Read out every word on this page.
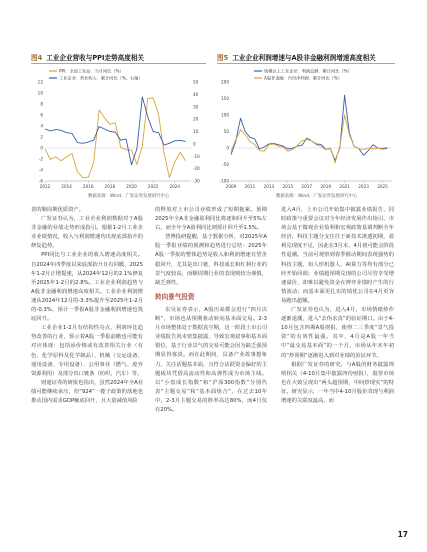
图4 工业企业营收与PPI走势高度相关
-6
-4
-2
0
2
4
6
8
10
12
-30
-20
-10
0
10
20
30
40
50
2012	2014	2016	2018	2020	2022	2024
PPI：全部工业品：当月同比（%）
工业企业：营业收入：累计同比（%，右轴）
数据来源：Wind，广发证券发展研究中心
图5 工业企业利润增速与A股非金融利润增速高度相关
-100
-50
0
50
100
150
200
2009 2011 2013 2015 2017 2019 2021 2023 2025
规模以上工业企业：利润总额：累计同比（%）
A股非金融：归母净利润：累计同比（%）
数据来源：Wind，广发证券发展研究中心

善的顺周期优质资产。

广发证券认为，工业企业利润数据对于A股非金融的业绩走势形成指引。根据1-2月工业企业业绩情况，收入与利润增速均出现底部抬升的修复趋势。

PPI同比与工业企业的收入增速高度相关。自2024年四季度以来底部抬升且有回暖，2025年1-2月正增提速，从2024年12月的2.1%修复至2025年1-2月的2.8%。工业企业利润趋势与A股非金融利润增速高度相关。工业企业利润增速从2024年12月的-3.3%提升至2025年1-2月的-0.3%，预计一季报A股非金融利润增速也筑底回升。

工业企业1-2月有结构性亮点，利润环比趋势改善的行业，预示着A股一季报前瞻也可能有对应体现：包括添价格或有改善相关行业（有色、化学原料及化学制品）、机械（交运设备、通用设备、专用设备）、公用事业（燃气、废弃资源利用）及部分出口链条（纺织、汽车）等。

财通证券的研报也指出，虽然2024年全A业绩可能继续承压，但“924”一揽子政策的落地也推动国内需求GDP触底回升，且大量减值风险

的释放对上市公司业绩形成了短期拖累。预期2025年全A非金融盈利同比将逐和回升至5%左右，而全年全A盈利同比则预计回升至1.5%。

慧博投研提醒，基于数据分析，对2025年A股一季报业绩的预测和趋势进行总结：2025年A股一季报的整体趋势是收入和利润增速有望企稳回升，尤其是出口链、科技成长和红利行业的景气度较高，而顺周期行业的表现则较为谨慎，缺乏弹性。

转向景气投资

东吴证券表示，A股历来都会进行“四月决断”，市场也从预期驱动转向基本面交易。2-3月市场整体处于数据真空期，这一阶段上市公司业绩报告尚未密集披露，导致宏观叙事和基本面错位，基于行业景气的交易可能会因为缺乏强预期显得寡淡。而在此期间，具备产业故事想象力、关注话题基本面，且符合活跃资金偏好的主题板块凭借高流动性和高弹性成为市场主线。以“小盘成长指数”和“沪深300指数”分别代表“主题交易”和“基本面组合”，在过去10年中，2-3月主题交易的胜率高达80%，而4月仅有20%。

进入4月，上市公司开始集中披露业绩报告，同时政策与重要会议对全年经济发展作出指引，市场会基于微观企业盈利和宏观政策基调判断全年经济。科技主题分支往往于新技术渗透初期，盈利兑现度不足，因此在3月末、4月初可能会阶段性退潮。当前可观察到春季催动期间表现强势的科技主题，如人形机器人、AI算力等均有部分已经开始回调；业绩超预期兑现的公司尽管享受增速溢价，却难以避免资金在博弈业绩时产生的行情波动；而基本面更扎实的绩优公司在4月更容易跑出超额。

广发证券也认为，进入4月，市场情绪炒作逐渐退潮，进入“去伪求真”的验证期口。由于4-10月包含四期A股财报，使得二三季度“景气投资”的有效性最强。其中，4月是A股一年当中“最交易基本面”的一个月，市场从年末年初的“炒预期”逐渐进入到对业绩的验证环节。

根据广发证券的研究，与A股的财务披露规则相关（4-10月集中披露四份财报），股票市场也在大致呈现出“两头超预期，中间炒现实”的特征。研究显示，一年当中4-10月股价表现与利润增速的关联度最高，而

17
